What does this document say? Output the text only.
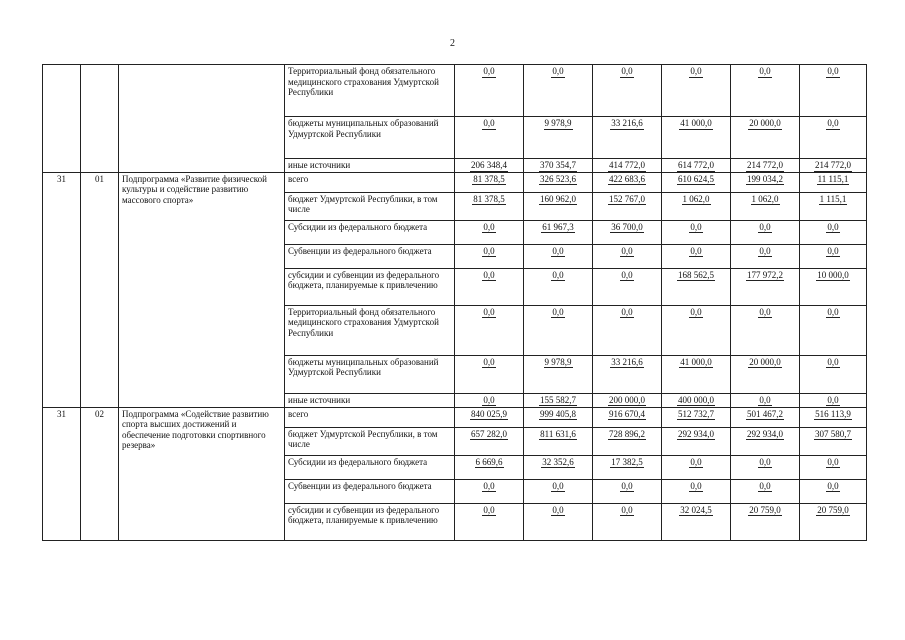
2
			Территориальный фонд обязательного медицинского страхования Удмуртской Республики	0,0	0,0	0,0	0,0	0,0	0,0
			бюджеты муниципальных образований Удмуртской Республики	0,0	9 978,9	33 216,6	41 000,0	20 000,0	0,0
			иные источники	206 348,4	370 354,7	414 772,0	614 772,0	214 772,0	214 772,0
31	01	Подпрограмма «Развитие физической культуры и содействие развитию массового спорта»	всего	81 378,5	326 523,6	422 683,6	610 624,5	199 034,2	11 115,1
			бюджет Удмуртской Республики, в том числе	81 378,5	160 962,0	152 767,0	1 062,0	1 062,0	1 115,1
			Субсидии из федерального бюджета	0,0	61 967,3	36 700,0	0,0	0,0	0,0
			Субвенции из федерального бюджета	0,0	0,0	0,0	0,0	0,0	0,0
			субсидии и субвенции из федерального бюджета, планируемые к привлечению	0,0	0,0	0,0	168 562,5	177 972,2	10 000,0
			Территориальный фонд обязательного медицинского страхования Удмуртской Республики	0,0	0,0	0,0	0,0	0,0	0,0
			бюджеты муниципальных образований Удмуртской Республики	0,0	9 978,9	33 216,6	41 000,0	20 000,0	0,0
			иные источники	0,0	155 582,7	200 000,0	400 000,0	0,0	0,0
31	02	Подпрограмма «Содействие развитию спорта высших достижений и обеспечение подготовки спортивного резерва»	всего	840 025,9	999 405,8	916 670,4	512 732,7	501 467,2	516 113,9
			бюджет Удмуртской Республики, в том числе	657 282,0	811 631,6	728 896,2	292 934,0	292 934,0	307 580,7
			Субсидии из федерального бюджета	6 669,6	32 352,6	17 382,5	0,0	0,0	0,0
			Субвенции из федерального бюджета	0,0	0,0	0,0	0,0	0,0	0,0
			субсидии и субвенции из федерального бюджета, планируемые к привлечению	0,0	0,0	0,0	32 024,5	20 759,0	20 759,0
